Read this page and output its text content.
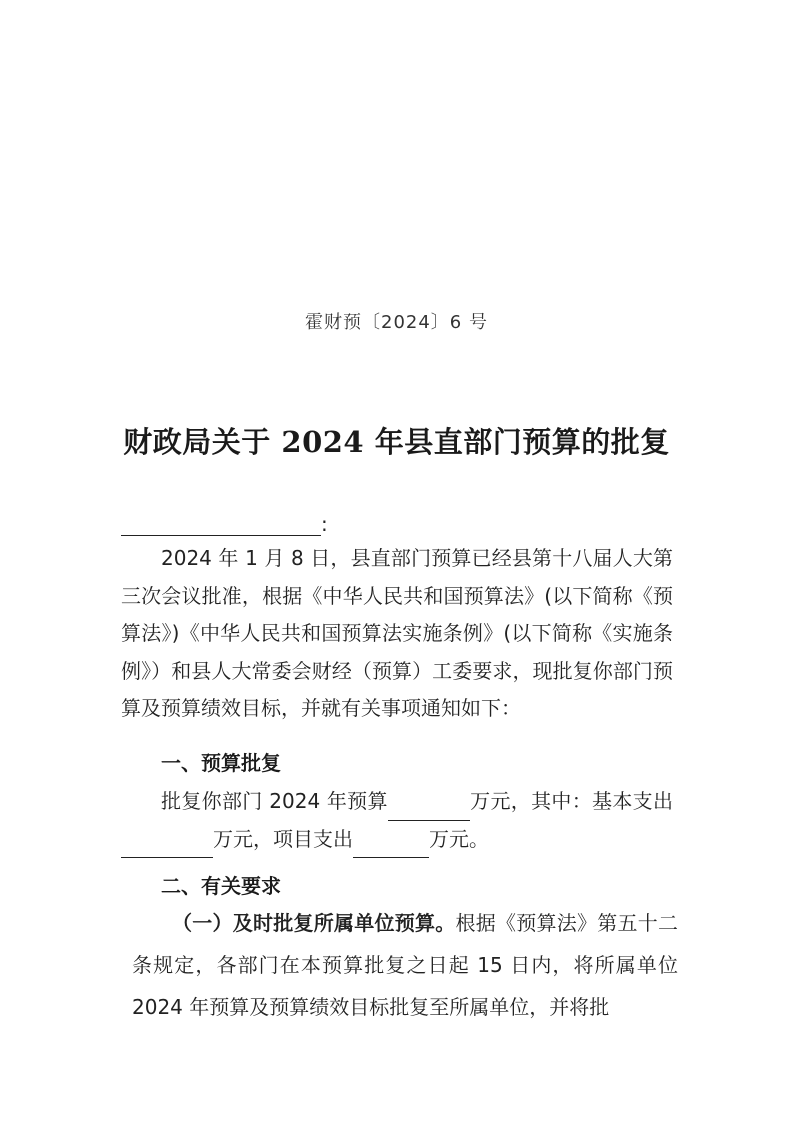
霍财预〔2024〕6 号
财政局关于 2024 年县直部门预算的批复
:
2024 年 1 月 8 日，县直部门预算已经县第十八届人大第三次会议批准，根据《中华人民共和国预算法》(以下简称《预算法》)《中华人民共和国预算法实施条例》(以下简称《实施条例》）和县人大常委会财经（预算）工委要求，现批复你部门预算及预算绩效目标，并就有关事项通知如下：
一、预算批复
批复你部门 2024 年预算	万元，其中：基本支出万元，项目支出	万元。
二、有关要求
（一）及时批复所属单位预算。根据《预算法》第五十二条规定，各部门在本预算批复之日起 15 日内，将所属单位 2024 年预算及预算绩效目标批复至所属单位，并将批
